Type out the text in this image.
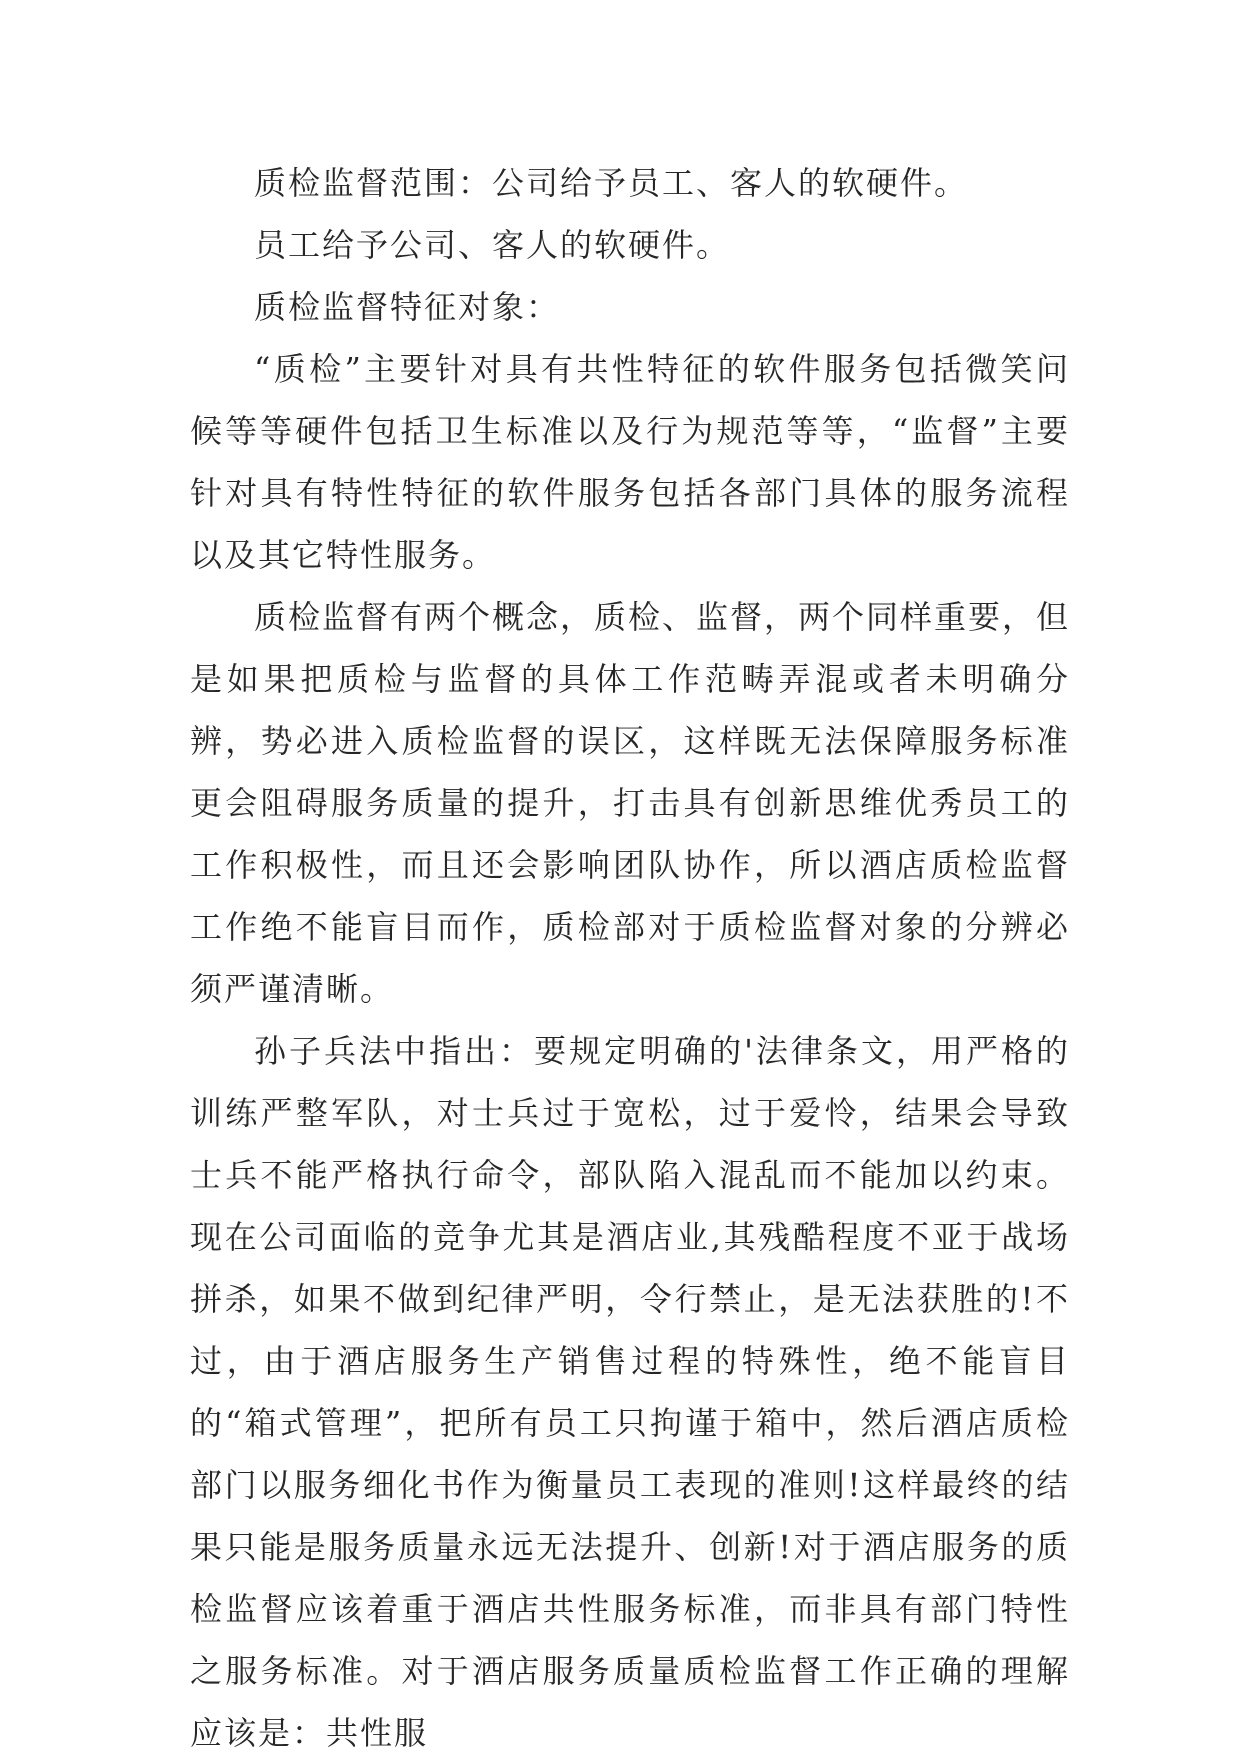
质检监督范围：公司给予员工、客人的软硬件。

员工给予公司、客人的软硬件。

质检监督特征对象：

“质检”主要针对具有共性特征的软件服务包括微笑问候等等硬件包括卫生标准以及行为规范等等，“监督”主要针对具有特性特征的软件服务包括各部门具体的服务流程以及其它特性服务。

质检监督有两个概念，质检、监督，两个同样重要，但是如果把质检与监督的具体工作范畴弄混或者未明确分辨，势必进入质检监督的误区，这样既无法保障服务标准更会阻碍服务质量的提升，打击具有创新思维优秀员工的工作积极性，而且还会影响团队协作，所以酒店质检监督工作绝不能盲目而作，质检部对于质检监督对象的分辨必须严谨清晰。

孙子兵法中指出：要规定明确的'法律条文，用严格的训练严整军队，对士兵过于宽松，过于爱怜，结果会导致士兵不能严格执行命令，部队陷入混乱而不能加以约束。现在公司面临的竞争尤其是酒店业,其残酷程度不亚于战场拼杀，如果不做到纪律严明，令行禁止，是无法获胜的!不过，由于酒店服务生产销售过程的特殊性，绝不能盲目的“箱式管理”，把所有员工只拘谨于箱中，然后酒店质检部门以服务细化书作为衡量员工表现的准则!这样最终的结果只能是服务质量永远无法提升、创新!对于酒店服务的质检监督应该着重于酒店共性服务标准，而非具有部门特性之服务标准。对于酒店服务质量质检监督工作正确的理解应该是：共性服
